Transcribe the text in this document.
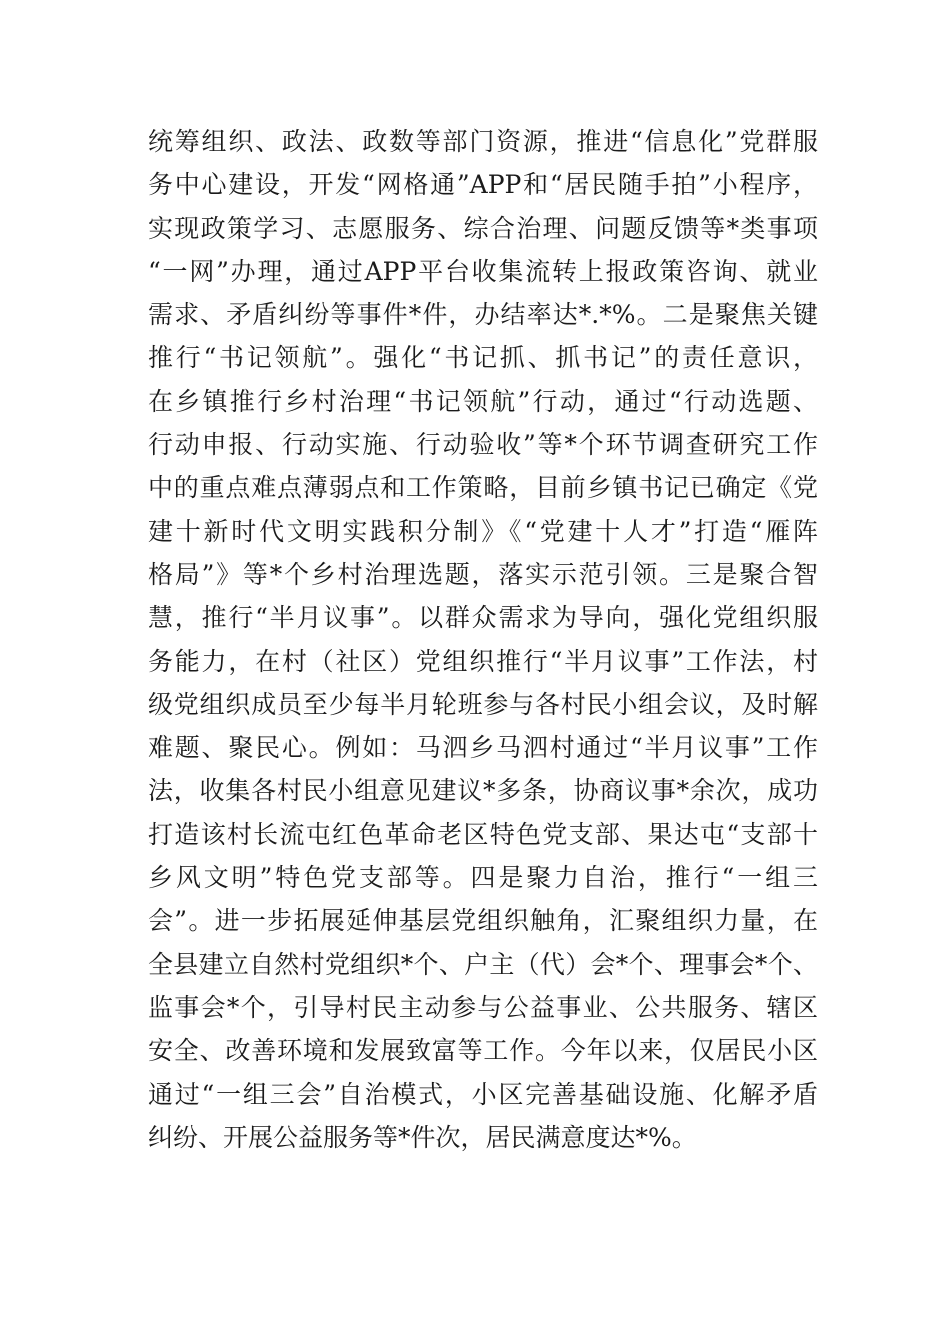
统筹组织、政法、政数等部门资源，推进“信息化”党群服
务中心建设，开发“网格通”APP和“居民随手拍”小程序，
实现政策学习、志愿服务、综合治理、问题反馈等*类事项
“一网”办理，通过APP平台收集流转上报政策咨询、就业
需求、矛盾纠纷等事件*件，办结率达*.*%。二是聚焦关键
推行“书记领航”。强化“书记抓、抓书记”的责任意识，
在乡镇推行乡村治理“书记领航”行动，通过“行动选题、
行动申报、行动实施、行动验收”等*个环节调查研究工作
中的重点难点薄弱点和工作策略，目前乡镇书记已确定《党
建十新时代文明实践积分制》《“党建十人才”打造“雁阵
格局”》等*个乡村治理选题，落实示范引领。三是聚合智
慧，推行“半月议事”。以群众需求为导向，强化党组织服
务能力，在村（社区）党组织推行“半月议事”工作法，村
级党组织成员至少每半月轮班参与各村民小组会议，及时解
难题、聚民心。例如：马泗乡马泗村通过“半月议事”工作
法，收集各村民小组意见建议*多条，协商议事*余次，成功
打造该村长流屯红色革命老区特色党支部、果达屯“支部十
乡风文明”特色党支部等。四是聚力自治，推行“一组三
会”。进一步拓展延伸基层党组织触角，汇聚组织力量，在
全县建立自然村党组织*个、户主（代）会*个、理事会*个、
监事会*个，引导村民主动参与公益事业、公共服务、辖区
安全、改善环境和发展致富等工作。今年以来，仅居民小区
通过“一组三会”自治模式，小区完善基础设施、化解矛盾
纠纷、开展公益服务等*件次，居民满意度达*%。
